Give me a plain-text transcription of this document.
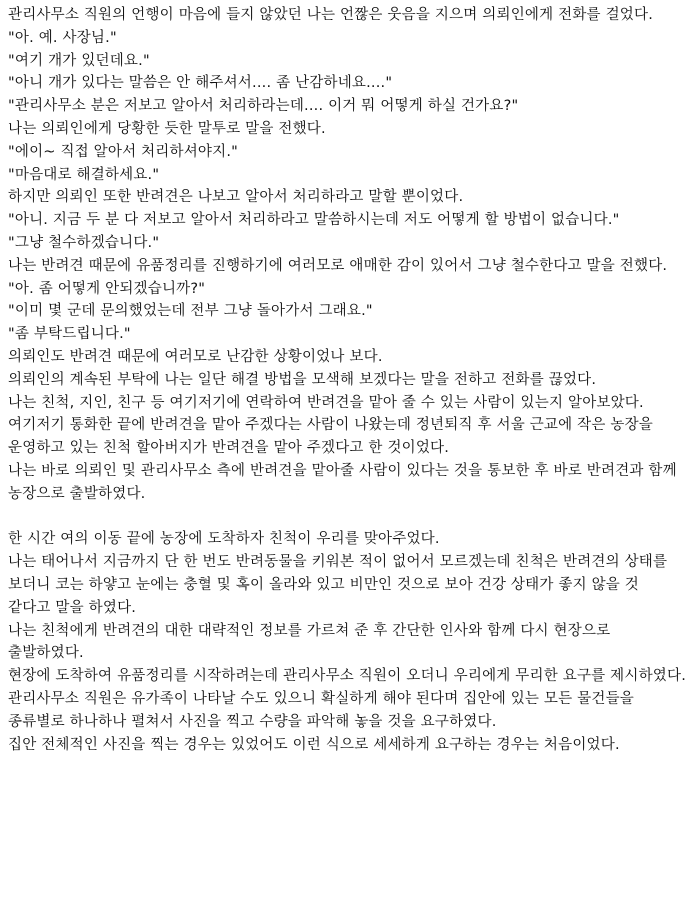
관리사무소 직원의 언행이 마음에 들지 않았던 나는 언짢은 웃음을 지으며 의뢰인에게 전화를 걸었다.

"아. 예. 사장님."

"여기 개가 있던데요."

"아니 개가 있다는 말씀은 안 해주셔서.... 좀 난감하네요...."

"관리사무소 분은 저보고 알아서 처리하라는데.... 이거 뭐 어떻게 하실 건가요?"

나는 의뢰인에게 당황한 듯한 말투로 말을 전했다.

"에이~ 직접 알아서 처리하셔야지."

"마음대로 해결하세요."

하지만 의뢰인 또한 반려견은 나보고 알아서 처리하라고 말할 뿐이었다.

"아니. 지금 두 분 다 저보고 알아서 처리하라고 말씀하시는데 저도 어떻게 할 방법이 없습니다."

"그냥 철수하겠습니다."

나는 반려견 때문에 유품정리를 진행하기에 여러모로 애매한 감이 있어서 그냥 철수한다고 말을 전했다.

"아. 좀 어떻게 안되겠습니까?"

"이미 몇 군데 문의했었는데 전부 그냥 돌아가서 그래요."

"좀 부탁드립니다."

의뢰인도 반려견 때문에 여러모로 난감한 상황이었나 보다.

의뢰인의 계속된 부탁에 나는 일단 해결 방법을 모색해 보겠다는 말을 전하고 전화를 끊었다.

나는 친척, 지인, 친구 등 여기저기에 연락하여 반려견을 맡아 줄 수 있는 사람이 있는지 알아보았다.

여기저기 통화한 끝에 반려견을 맡아 주겠다는 사람이 나왔는데 정년퇴직 후 서울 근교에 작은 농장을 운영하고 있는 친척 할아버지가 반려견을 맡아 주겠다고 한 것이었다.

나는 바로 의뢰인 및 관리사무소 측에 반려견을 맡아줄 사람이 있다는 것을 통보한 후 바로 반려견과 함께 농장으로 출발하였다.

한 시간 여의 이동 끝에 농장에 도착하자 친척이 우리를 맞아주었다.

나는 태어나서 지금까지 단 한 번도 반려동물을 키워본 적이 없어서 모르겠는데 친척은 반려견의 상태를 보더니 코는 하얗고 눈에는 충혈 및 혹이 올라와 있고 비만인 것으로 보아 건강 상태가 좋지 않을 것 같다고 말을 하였다.

나는 친척에게 반려견의 대한 대략적인 정보를 가르쳐 준 후 간단한 인사와 함께 다시 현장으로 출발하였다.

현장에 도착하여 유품정리를 시작하려는데 관리사무소 직원이 오더니 우리에게 무리한 요구를 제시하였다.

관리사무소 직원은 유가족이 나타날 수도 있으니 확실하게 해야 된다며 집안에 있는 모든 물건들을 종류별로 하나하나 펼쳐서 사진을 찍고 수량을 파악해 놓을 것을 요구하였다.

집안 전체적인 사진을 찍는 경우는 있었어도 이런 식으로 세세하게 요구하는 경우는 처음이었다.
